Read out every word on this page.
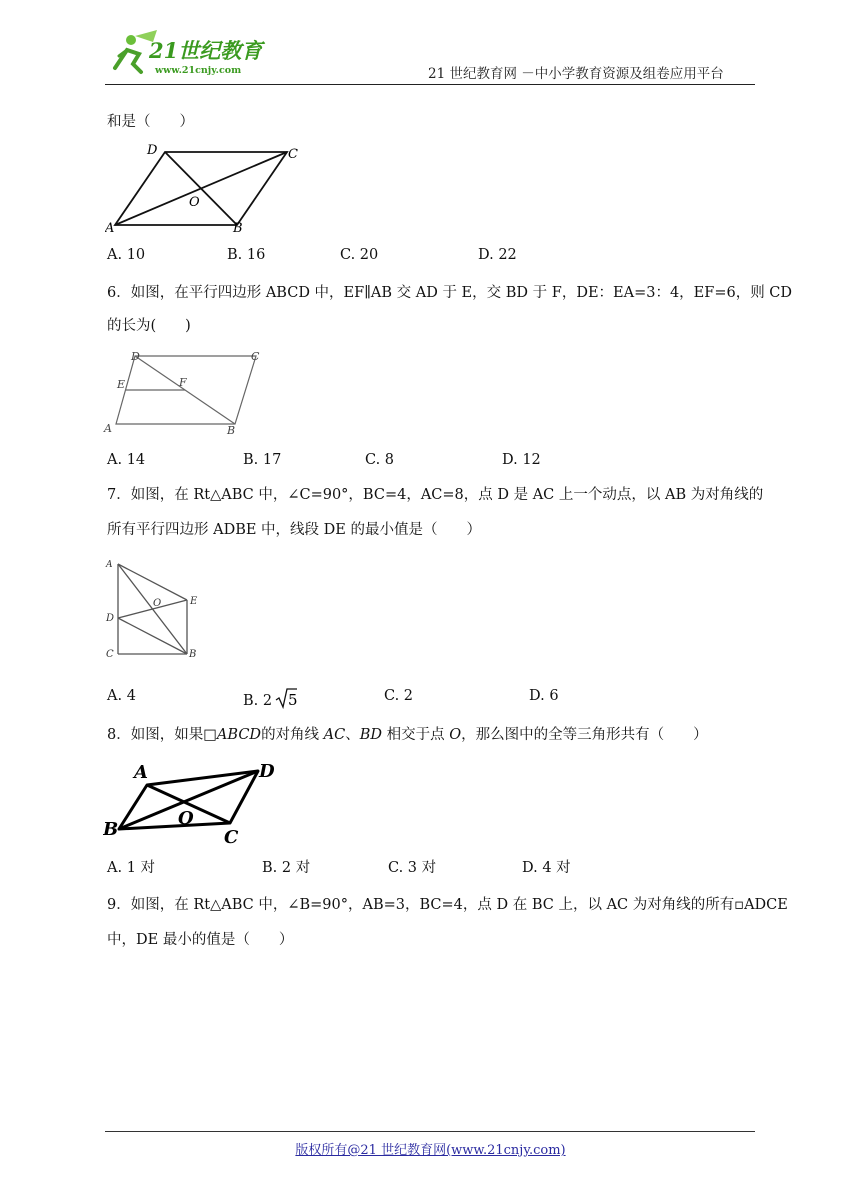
21世纪教育
www.21cnjy.com	21 世纪教育网 －中小学教育资源及组卷应用平台
和是（　　）
D	C
O
A	B
A. 10	B. 16	C. 20	D. 22
6．如图，在平行四边形 ABCD 中，EF∥AB 交 AD 于 E，交 BD 于 F，DE：EA=3：4，EF=6，则 CD
的长为(　　)
D	C
E	F
A	B
A. 14	B. 17	C. 8	D. 12
7．如图，在 Rt△ABC 中，∠C=90°，BC=4，AC=8，点 D 是 AC 上一个动点，以 AB 为对角线的
所有平行四边形 ADBE 中，线段 DE 的最小值是（　　）
A
O	E
D
C	B
A. 4	B. 2 5	C. 2	D. 6
8．如图，如果□ABCD的对角线 AC、BD 相交于点 O，那么图中的全等三角形共有（　　）
A	D
O
B	C
A. 1 对	B. 2 对	C. 3 对	D. 4 对
9．如图，在 Rt△ABC 中，∠B=90°，AB=3，BC=4，点 D 在 BC 上，以 AC 为对角线的所有▫ADCE
中，DE 最小的值是（　　）
版权所有@21 世纪教育网(www.21cnjy.com)
